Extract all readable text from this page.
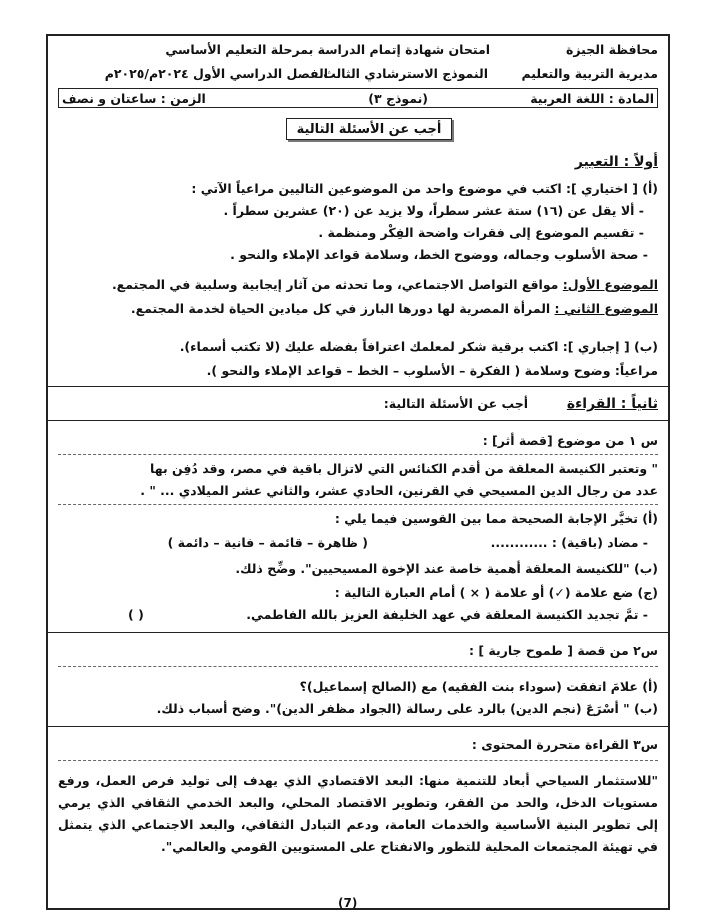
محافظة الجيزة
امتحان شهادة إتمام الدراسة بمرحلة التعليم الأساسي
مديرية التربية والتعليم
النموذج الاسترشادي الثالث
الفصل الدراسي الأول ٢٠٢٤م/٢٠٢٥م
المادة : اللغة العربية
(نموذج ٣)
الزمن : ساعتان و نصف
أجب عن الأسئلة التالية
أولاً : التعبير
(أ) [ اختياري ]: اكتب في موضوع واحد من الموضوعين التاليين مراعياً الآتي :
- ألا يقل عن (١٦) ستة عشر سطراً، ولا يزيد عن (٢٠) عشرين سطراً .
- تقسيم الموضوع إلى فقرات واضحة الفِكْر ومنظمة .
- صحة الأسلوب وجماله، ووضوح الخط، وسلامة قواعد الإملاء والنحو .
الموضوع الأول: مواقع التواصل الاجتماعي، وما تحدثه من آثار إيجابية وسلبية في المجتمع.
الموضوع الثاني : المرأة المصرية لها دورها البارز في كل ميادين الحياة لخدمة المجتمع.
(ب) [ إجباري ]: اكتب برقية شكر لمعلمك اعترافاً بفضله عليك (لا تكتب أسماء).
مراعياً: وضوح وسلامة ( الفكرة – الأسلوب – الخط – قواعد الإملاء والنحو ).
ثانياً : القراءة
أجب عن الأسئلة التالية:
س ١ من موضوع [قصة أثر] :
" وتعتبر الكنيسة المعلقة من أقدم الكنائس التي لاتزال باقية في مصر، وقد دُفِن بها
عدد من رجال الدين المسيحي في القرنين، الحادي عشر، والثاني عشر الميلادي ... " .
(أ) تخيَّر الإجابة الصحيحة مما بين القوسين فيما يلي :
- مضاد (باقية) : ............
( ظاهرة – قائمة – فانية – دائمة )
(ب) "للكنيسة المعلقة أهمية خاصة عند الإخوة المسيحيين". وضِّح ذلك.
(ج) ضع علامة (✓) أو علامة ( × ) أمام العبارة التالية :
- تمَّ تجديد الكنيسة المعلقة في عهد الخليفة العزيز بالله الفاطمي.
( )
س٢ من قصة [ طموح جارية ] :
(أ) علامَ اتفقت (سوداء بنت الفقيه) مع (الصالح إسماعيل)؟
(ب) " أسْرَعَ (نجم الدين) بالرد على رسالة (الجواد مظفر الدين)". وضح أسباب ذلك.
س٣ القراءة متحررة المحتوى :
"للاستثمار السياحي أبعاد للتنمية منها: البعد الاقتصادي الذي يهدف إلى توليد فرص العمل، ورفع مستويات الدخل، والحد من الفقر، وتطوير الاقتصاد المحلي، والبعد الخدمي الثقافي الذي يرمي إلى تطوير البنية الأساسية والخدمات العامة، ودعم التبادل الثقافي، والبعد الاجتماعي الذي يتمثل في تهيئة المجتمعات المحلية للتطور والانفتاح على المستويين القومي والعالمي".
(7)
